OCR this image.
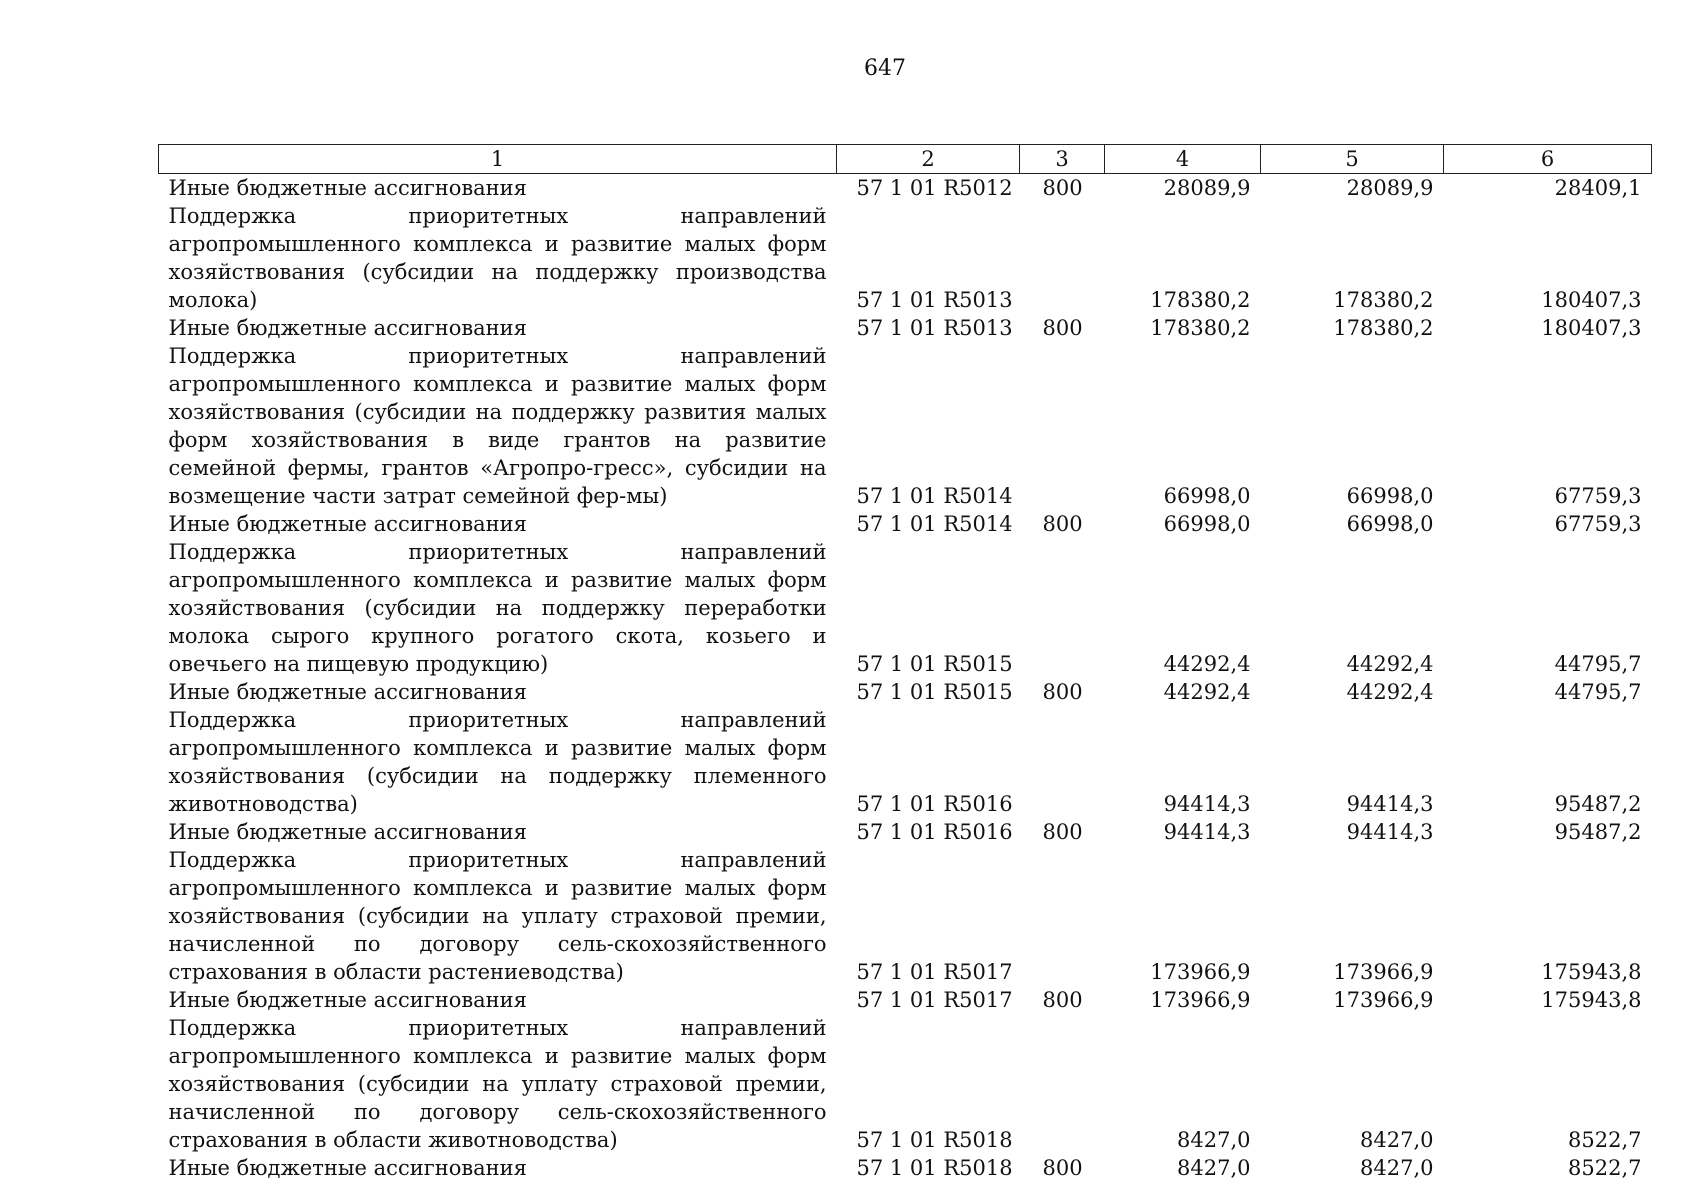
647
1	2	3	4	5	6
Иные бюджетные ассигнования	57 1 01 R5012	800	28089,9	28089,9	28409,1
Поддержка приоритетных направлений агропромышленного комплекса и развитие малых форм хозяйствования (субсидии на поддержку производства молока)	57 1 01 R5013		178380,2	178380,2	180407,3
Иные бюджетные ассигнования	57 1 01 R5013	800	178380,2	178380,2	180407,3
Поддержка приоритетных направлений агропромышленного комплекса и развитие малых форм хозяйствования (субсидии на поддержку развития малых форм хозяйствования в виде грантов на развитие семейной фермы, грантов «Агропро-гресс», субсидии на возмещение части затрат семейной фер-мы)	57 1 01 R5014		66998,0	66998,0	67759,3
Иные бюджетные ассигнования	57 1 01 R5014	800	66998,0	66998,0	67759,3
Поддержка приоритетных направлений агропромышленного комплекса и развитие малых форм хозяйствования (субсидии на поддержку переработки молока сырого крупного рогатого скота, козьего и овечьего на пищевую продукцию)	57 1 01 R5015		44292,4	44292,4	44795,7
Иные бюджетные ассигнования	57 1 01 R5015	800	44292,4	44292,4	44795,7
Поддержка приоритетных направлений агропромышленного комплекса и развитие малых форм хозяйствования (субсидии на поддержку племенного животноводства)	57 1 01 R5016		94414,3	94414,3	95487,2
Иные бюджетные ассигнования	57 1 01 R5016	800	94414,3	94414,3	95487,2
Поддержка приоритетных направлений агропромышленного комплекса и развитие малых форм хозяйствования (субсидии на уплату страховой премии, начисленной по договору сель-скохозяйственного страхования в области растениеводства)	57 1 01 R5017		173966,9	173966,9	175943,8
Иные бюджетные ассигнования	57 1 01 R5017	800	173966,9	173966,9	175943,8
Поддержка приоритетных направлений агропромышленного комплекса и развитие малых форм хозяйствования (субсидии на уплату страховой премии, начисленной по договору сель-скохозяйственного страхования в области животноводства)	57 1 01 R5018		8427,0	8427,0	8522,7
Иные бюджетные ассигнования	57 1 01 R5018	800	8427,0	8427,0	8522,7
